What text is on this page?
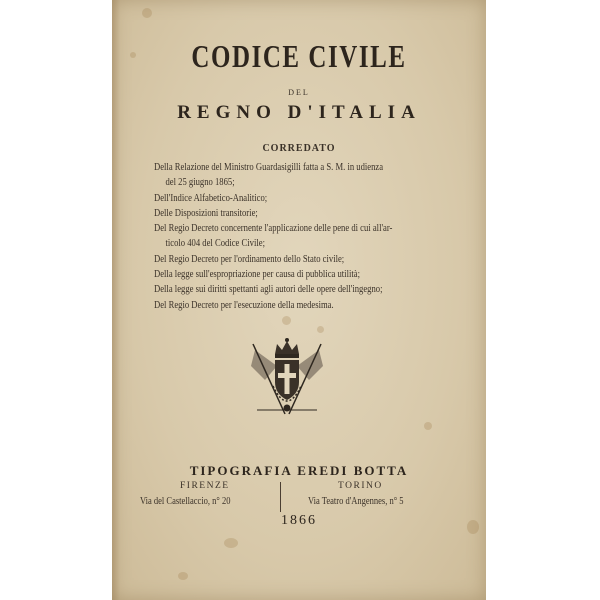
CODICE CIVILE
DEL
REGNO D'ITALIA
CORREDATO
Della Relazione del Ministro Guardasigilli fatta a S. M. in udienza
del 25 giugno 1865;
Dell'Indice Alfabetico-Analitico;
Delle Disposizioni transitorie;
Del Regio Decreto concernente l'applicazione delle pene di cui all'ar-
ticolo 404 del Codice Civile;
Del Regio Decreto per l'ordinamento dello Stato civile;
Della legge sull'espropriazione per causa di pubblica utilità;
Della legge sui diritti spettanti agli autori delle opere dell'ingegno;
Del Regio Decreto per l'esecuzione della medesima.
TIPOGRAFIA EREDI BOTTA
FIRENZE
Via del Castellaccio, n° 20
TORINO
Via Teatro d'Angennes, n° 5
1866
